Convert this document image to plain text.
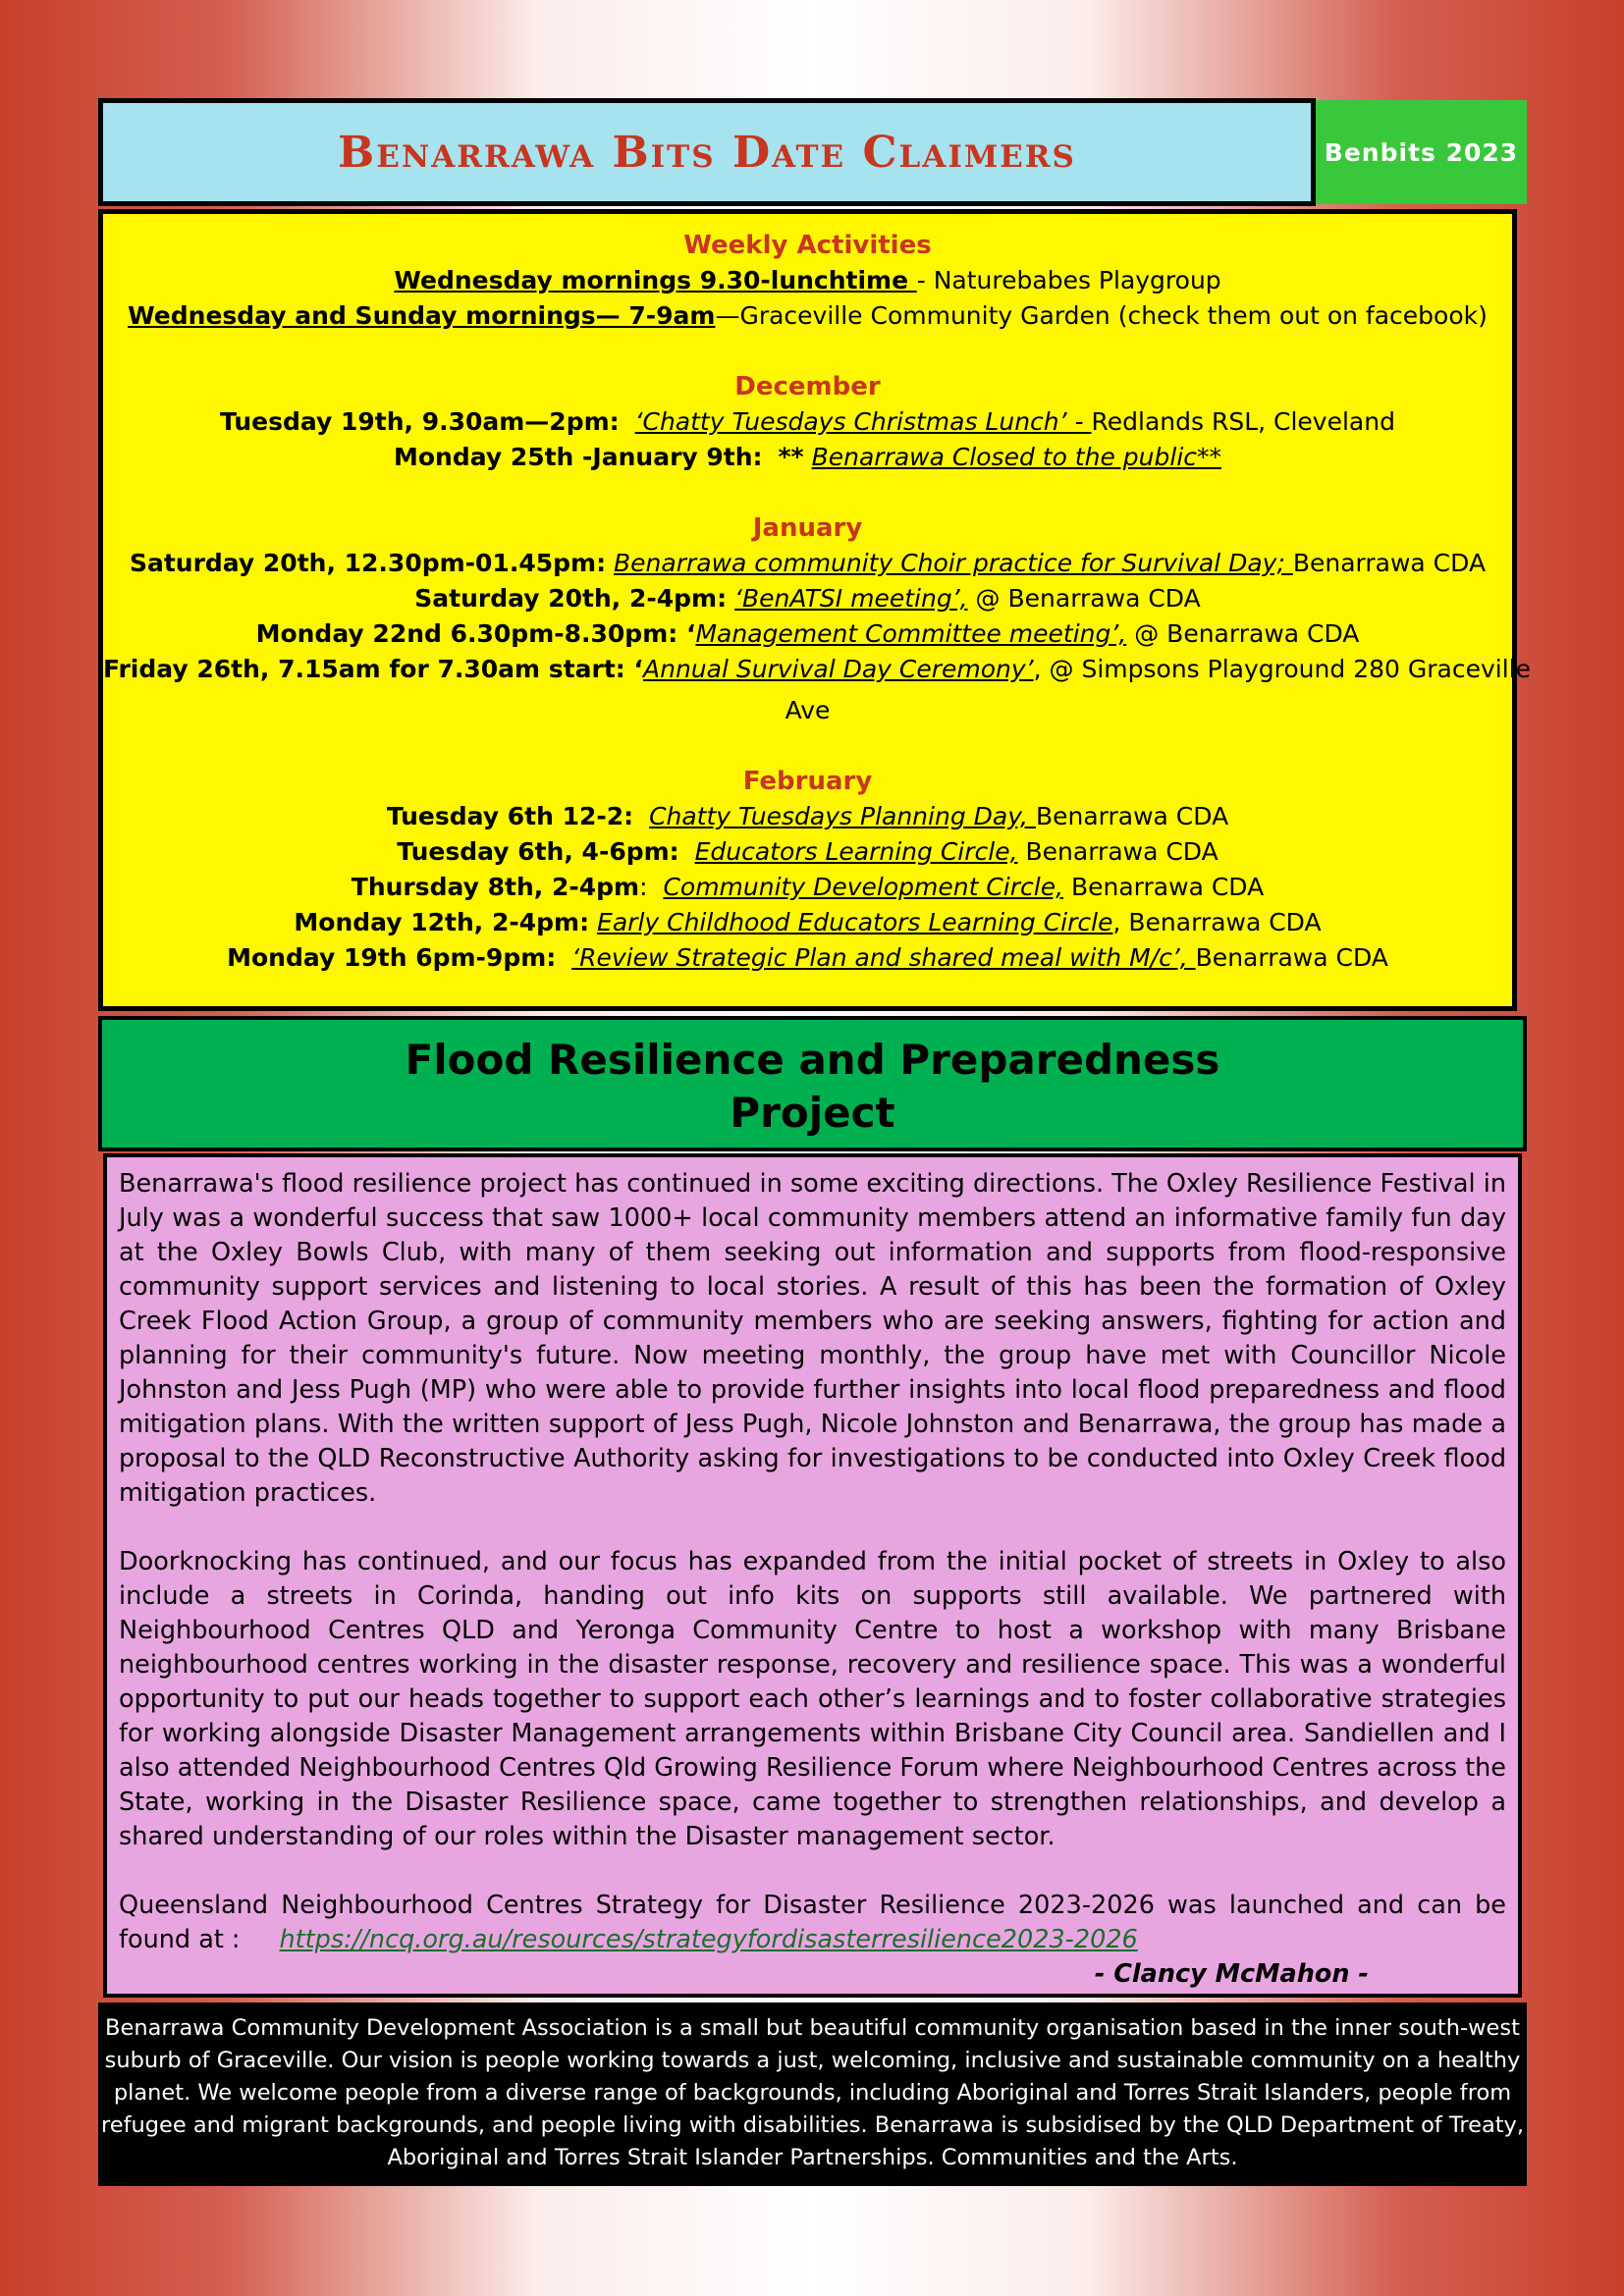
Benarrawa Bits Date Claimers	Benbits 2023
Weekly Activities
Wednesday mornings 9.30-lunchtime - Naturebabes Playgroup
Wednesday and Sunday mornings— 7-9am—Graceville Community Garden (check them out on facebook)
December
Tuesday 19th, 9.30am—2pm: ‘Chatty Tuesdays Christmas Lunch’ - Redlands RSL, Cleveland
Monday 25th -January 9th: ** Benarrawa Closed to the public**
January
Saturday 20th, 12.30pm-01.45pm: Benarrawa community Choir practice for Survival Day; Benarrawa CDA
Saturday 20th, 2-4pm: ‘BenATSI meeting’, @ Benarrawa CDA
Monday 22nd 6.30pm-8.30pm: ‘Management Committee meeting’, @ Benarrawa CDA
Friday 26th, 7.15am for 7.30am start: ‘Annual Survival Day Ceremony’, @ Simpsons Playground 280 Graceville
Ave
February
Tuesday 6th 12-2: Chatty Tuesdays Planning Day, Benarrawa CDA
Tuesday 6th, 4-6pm: Educators Learning Circle, Benarrawa CDA
Thursday 8th, 2-4pm: Community Development Circle, Benarrawa CDA
Monday 12th, 2-4pm: Early Childhood Educators Learning Circle, Benarrawa CDA
Monday 19th 6pm-9pm: ‘Review Strategic Plan and shared meal with M/c’, Benarrawa CDA
Flood Resilience and Preparedness
Project

Benarrawa's flood resilience project has continued in some exciting directions. The Oxley Resilience Festival in July was a wonderful success that saw 1000+ local community members attend an informative family fun day at the Oxley Bowls Club, with many of them seeking out information and supports from flood-responsive community support services and listening to local stories. A result of this has been the formation of Oxley Creek Flood Action Group, a group of community members who are seeking answers, fighting for action and planning for their community's future. Now meeting monthly, the group have met with Councillor Nicole Johnston and Jess Pugh (MP) who were able to provide further insights into local flood preparedness and flood mitigation plans. With the written support of Jess Pugh, Nicole Johnston and Benarrawa, the group has made a proposal to the QLD Reconstructive Authority asking for investigations to be conducted into Oxley Creek flood mitigation practices.

Doorknocking has continued, and our focus has expanded from the initial pocket of streets in Oxley to also include a streets in Corinda, handing out info kits on supports still available. We partnered with Neighbourhood Centres QLD and Yeronga Community Centre to host a workshop with many Brisbane neighbourhood centres working in the disaster response, recovery and resilience space. This was a wonderful opportunity to put our heads together to support each other’s learnings and to foster collaborative strategies for working alongside Disaster Management arrangements within Brisbane City Council area. Sandiellen and I also attended Neighbourhood Centres Qld Growing Resilience Forum where Neighbourhood Centres across the State, working in the Disaster Resilience space, came together to strengthen relationships, and develop a shared understanding of our roles within the Disaster management sector.

Queensland Neighbourhood Centres Strategy for Disaster Resilience 2023-2026 was launched and can be found at : https://ncq.org.au/resources/strategyfordisasterresilience2023-2026

- Clancy McMahon -

Benarrawa Community Development Association is a small but beautiful community organisation based in the inner south-west suburb of Graceville. Our vision is people working towards a just, welcoming, inclusive and sustainable community on a healthy planet. We welcome people from a diverse range of backgrounds, including Aboriginal and Torres Strait Islanders, people from refugee and migrant backgrounds, and people living with disabilities. Benarrawa is subsidised by the QLD Department of Treaty, Aboriginal and Torres Strait Islander Partnerships. Communities and the Arts.
